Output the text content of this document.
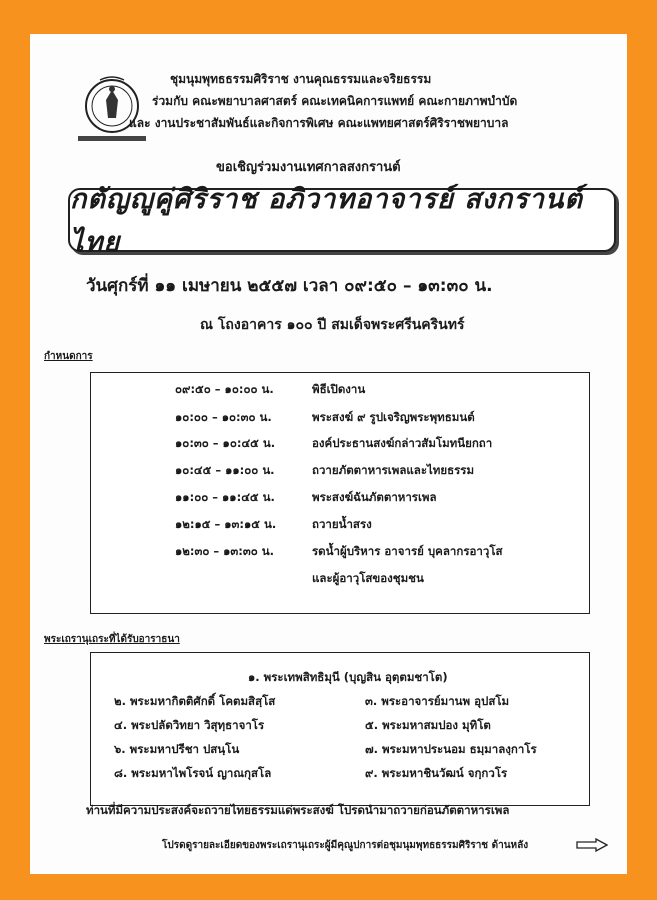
ชุมนุมพุทธธรรมศิริราช งานคุณธรรมและจริยธรรม
ร่วมกับ คณะพยาบาลศาสตร์ คณะเทคนิคการแพทย์ คณะกายภาพบำบัด
และ งานประชาสัมพันธ์และกิจการพิเศษ คณะแพทยศาสตร์ศิริราชพยาบาล
ขอเชิญร่วมงานเทศกาลสงกรานต์
กตัญญูคู่ศิริราช อภิวาทอาจารย์ สงกรานต์ไทย
วันศุกร์ที่ ๑๑ เมษายน ๒๕๕๗ เวลา ๐๙:๕๐ – ๑๓:๓๐ น.
ณ โถงอาคาร ๑๐๐ ปี สมเด็จพระศรีนครินทร์
กำหนดการ
๐๙:๕๐ – ๑๐:๐๐ น.	พิธีเปิดงาน
๑๐:๐๐ – ๑๐:๓๐ น.	พระสงฆ์ ๙ รูปเจริญพระพุทธมนต์
๑๐:๓๐ – ๑๐:๔๕ น.	องค์ประธานสงฆ์กล่าวสัมโมทนียกถา
๑๐:๔๕ – ๑๑:๐๐ น.	ถวายภัตตาหารเพลและไทยธรรม
๑๑:๐๐ – ๑๑:๔๕ น.	พระสงฆ์ฉันภัตตาหารเพล
๑๒:๑๕ – ๑๓:๑๕ น.	ถวายน้ำสรง
๑๒:๓๐ – ๑๓:๓๐ น.	รดน้ำผู้บริหาร อาจารย์ บุคลากรอาวุโส
และผู้อาวุโสของชุมชน
พระเถรานุเถระที่ได้รับอาราธนา
๑. พระเทพสิทธิมุนี (บุญสิน อุตฺตมชาโต)
๒. พระมหากิตติศักดิ์ โคตมสิสฺโส	๓. พระอาจารย์มานพ อุปสโม
๔. พระปลัดวิทยา วิสุทฺธาจาโร	๕. พระมหาสมปอง มุทิโต
๖. พระมหาปรีชา ปสนฺโน	๗. พระมหาประนอม ธมฺมาลงฺกาโร
๘. พระมหาไพโรจน์ ญาณกุสโล	๙. พระมหาชินวัฒน์ จกฺกวโร
ท่านที่มีความประสงค์จะถวายไทยธรรมแด่พระสงฆ์ โปรดนำมาถวายก่อนภัตตาหารเพล
โปรดดูรายละเอียดของพระเถรานุเถระผู้มีคุณูปการต่อชุมนุมพุทธธรรมศิริราช ด้านหลัง
